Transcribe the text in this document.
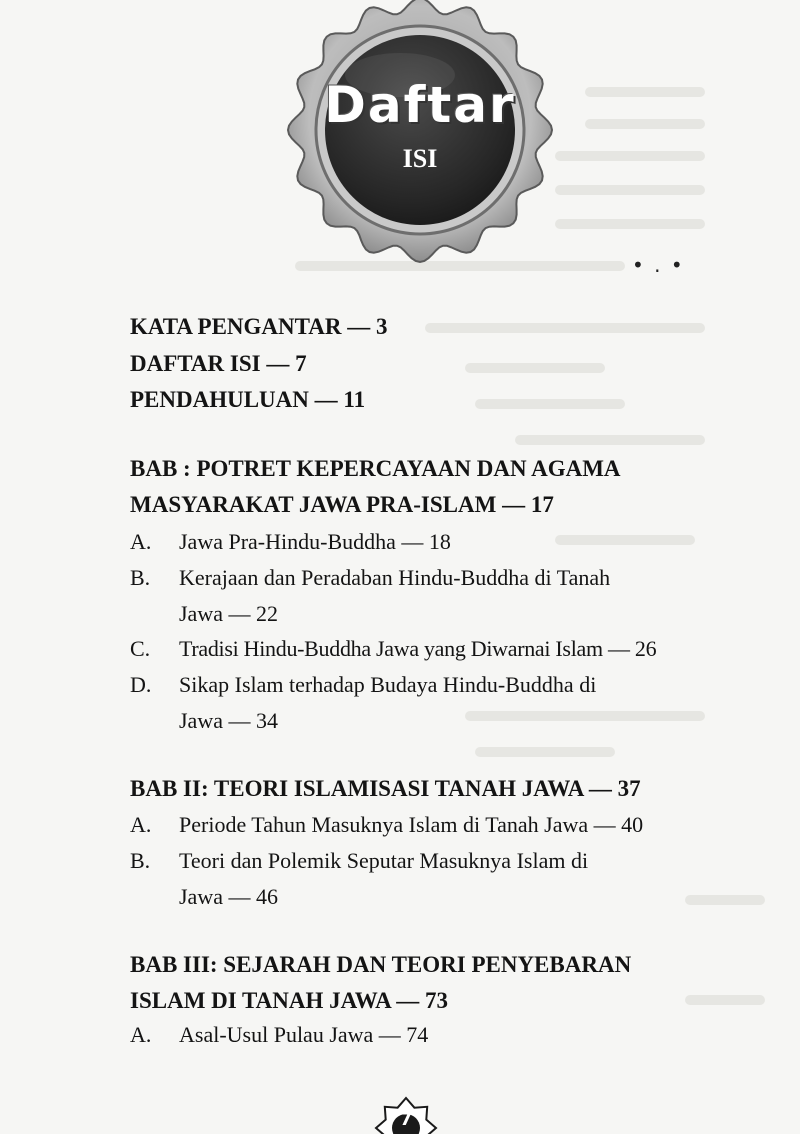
Daftar
ISI
• . •
KATA PENGANTAR — 3
DAFTAR ISI — 7
PENDAHULUAN — 11
BAB : POTRET KEPERCAYAAN DAN AGAMA
MASYARAKAT JAWA PRA-ISLAM — 17
A. Jawa Pra-Hindu-Buddha — 18
B. Kerajaan dan Peradaban Hindu-Buddha di Tanah
Jawa — 22
C. Tradisi Hindu-Buddha Jawa yang Diwarnai Islam — 26
D. Sikap Islam terhadap Budaya Hindu-Buddha di
Jawa — 34
BAB II: TEORI ISLAMISASI TANAH JAWA — 37
A. Periode Tahun Masuknya Islam di Tanah Jawa — 40
B. Teori dan Polemik Seputar Masuknya Islam di
Jawa — 46
BAB III: SEJARAH DAN TEORI PENYEBARAN
ISLAM DI TANAH JAWA — 73
A. Asal-Usul Pulau Jawa — 74
7
